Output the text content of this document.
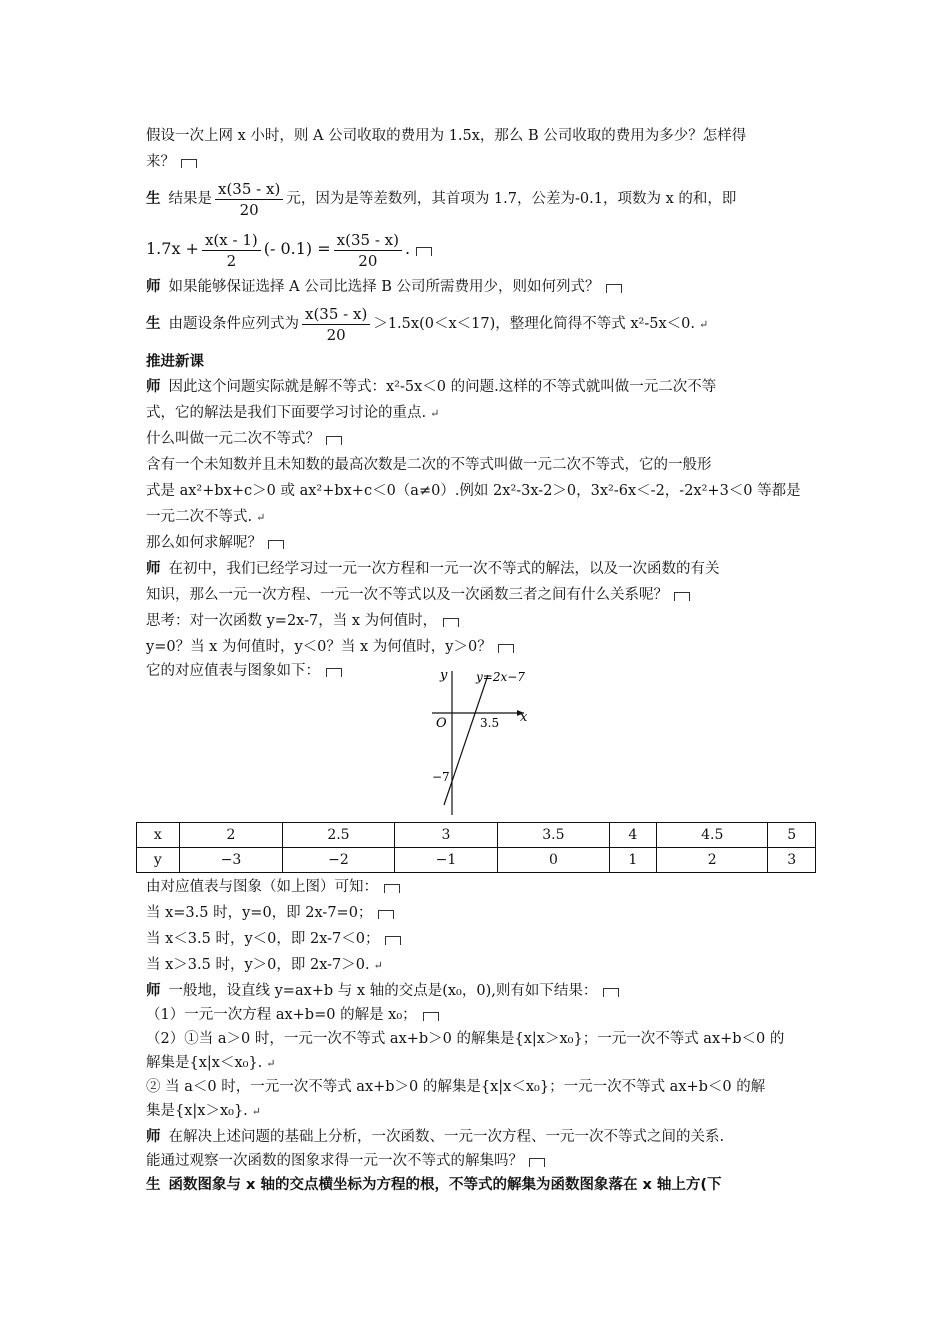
假设一次上网 x 小时，则 A 公司收取的费用为 1.5x，那么 B 公司收取的费用为多少？怎样得
来？
生 结果是 $\frac{x(35 - x)}{20}$ 元，因为是等差数列，其首项为 1.7，公差为-0.1，项数为 x 的和，即
$1.7x + \frac{x(x - 1)}{2}$ (- $0.1) = \frac{x(35 - x)}{20}$ .
师 如果能够保证选择 A 公司比选择 B 公司所需费用少，则如何列式？
生 由题设条件应列式为 $\frac{x(35 - x)}{20} >1.5x(0<x<17)$，整理化简得不等式 x²-5x＜0. ↵
推进新课
师 因此这个问题实际就是解不等式：x²-5x＜0 的问题.这样的不等式就叫做一元二次不等
式，它的解法是我们下面要学习讨论的重点. ↵
什么叫做一元二次不等式？
含有一个未知数并且未知数的最高次数是二次的不等式叫做一元二次不等式，它的一般形
式是 ax²+bx+c＞0 或 ax²+bx+c＜0（a≠0）.例如 2x²-3x-2＞0，3x²-6x＜-2，-2x²+3＜0 等都是
一元二次不等式. ↵
那么如何求解呢？
师 在初中，我们已经学习过一元一次方程和一元一次不等式的解法，以及一次函数的有关
知识，那么一元一次方程、一元一次不等式以及一次函数三者之间有什么关系呢？
思考：对一次函数 y=2x-7，当 x 为何值时，
y=0？当 x 为何值时，y＜0？当 x 为何值时，y＞0？
它的对应值表与图象如下：	y
x
O
y=2x−7
3.5
−7
x	2	2.5	3	3.5	4	4.5	5
y	−3	−2	−1	0	1	2	3
由对应值表与图象（如上图）可知：
当 x=3.5 时，y=0，即 2x-7=0；
当 x＜3.5 时，y＜0，即 2x-7＜0；
当 x＞3.5 时，y＞0，即 2x-7＞0. ↵
师 一般地，设直线 y=ax+b 与 x 轴的交点是(x₀，0),则有如下结果：
（1）一元一次方程 ax+b=0 的解是 x₀；
（2）①当 a＞0 时，一元一次不等式 ax+b＞0 的解集是{x|x＞x₀}；一元一次不等式 ax+b＜0 的
解集是{x|x＜x₀}. ↵
② 当 a＜0 时，一元一次不等式 ax+b＞0 的解集是{x|x＜x₀}；一元一次不等式 ax+b＜0 的解
集是{x|x＞x₀}. ↵
师 在解决上述问题的基础上分析，一次函数、一元一次方程、一元一次不等式之间的关系.
能通过观察一次函数的图象求得一元一次不等式的解集吗？
生 函数图象与 x 轴的交点横坐标为方程的根，不等式的解集为函数图象落在 x 轴上方(下
